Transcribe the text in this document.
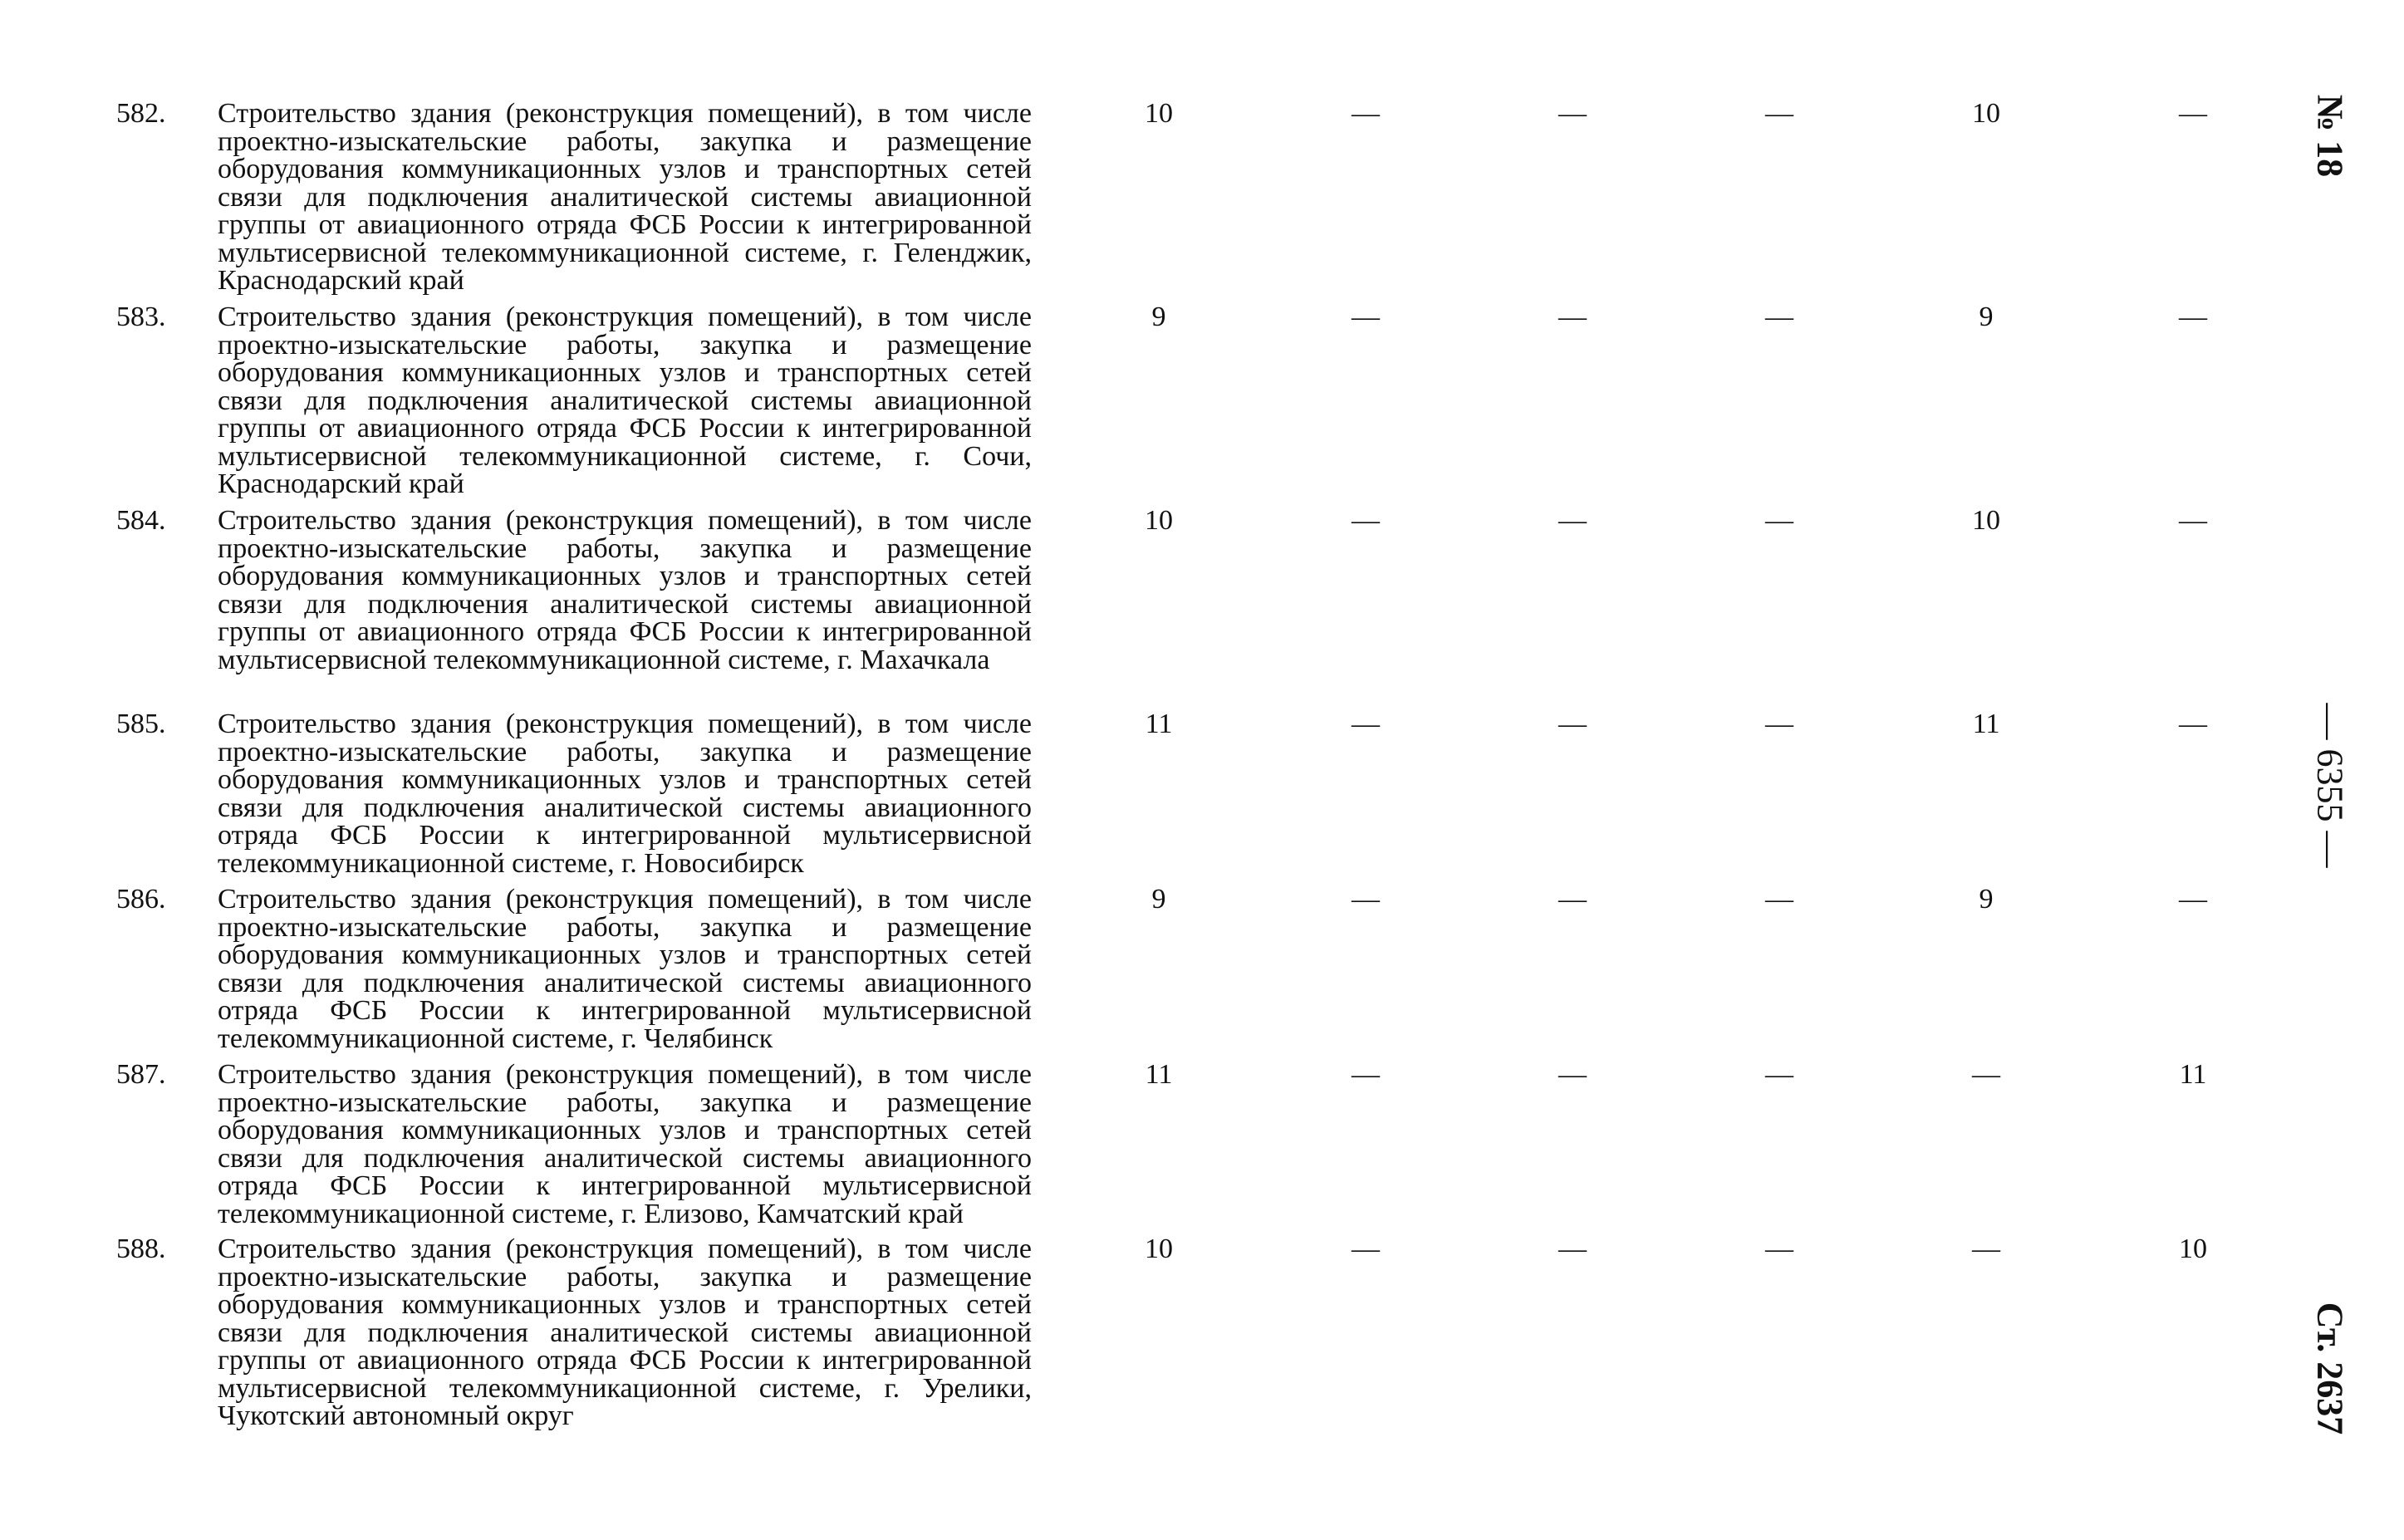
582. Строительство здания (реконструкция помещений), в том числе проектно-изыскательские работы, закупка и размещение оборудования коммуникационных узлов и транспортных сетей связи для подключения аналитической системы авиационной группы от авиационного отряда ФСБ России к интегрированной мультисервисной телекоммуникационной системе, г. Геленджик, Краснодарский край
10	—	—	—	10	—
583. Строительство здания (реконструкция помещений), в том числе проектно-изыскательские работы, закупка и размещение оборудования коммуникационных узлов и транспортных сетей связи для подключения аналитической системы авиационной группы от авиационного отряда ФСБ России к интегрированной мультисервисной телекоммуникационной системе, г. Сочи, Краснодарский край
9	—	—	—	9	—
584. Строительство здания (реконструкция помещений), в том числе проектно-изыскательские работы, закупка и размещение оборудования коммуникационных узлов и транспортных сетей связи для подключения аналитической системы авиационной группы от авиационного отряда ФСБ России к интегрированной мультисервисной телекоммуникационной системе, г. Махачкала
10	—	—	—	10	—
585. Строительство здания (реконструкция помещений), в том числе проектно-изыскательские работы, закупка и размещение оборудования коммуникационных узлов и транспортных сетей связи для подключения аналитической системы авиационного отряда ФСБ России к интегрированной мультисервисной телекоммуникационной системе, г. Новосибирск
11	—	—	—	11	—
586. Строительство здания (реконструкция помещений), в том числе проектно-изыскательские работы, закупка и размещение оборудования коммуникационных узлов и транспортных сетей связи для подключения аналитической системы авиационного отряда ФСБ России к интегрированной мультисервисной телекоммуникационной системе, г. Челябинск
9	—	—	—	9	—
587. Строительство здания (реконструкция помещений), в том числе проектно-изыскательские работы, закупка и размещение оборудования коммуникационных узлов и транспортных сетей связи для подключения аналитической системы авиационного отряда ФСБ России к интегрированной мультисервисной телекоммуникационной системе, г. Елизово, Камчатский край
11	—	—	—	—	11
588. Строительство здания (реконструкция помещений), в том числе проектно-изыскательские работы, закупка и размещение оборудования коммуникационных узлов и транспортных сетей связи для подключения аналитической системы авиационной группы от авиационного отряда ФСБ России к интегрированной мультисервисной телекоммуникационной системе, г. Урелики, Чукотский автономный округ
10	—	—	—	—	10
№ 18
— 6355 —
Ст. 2637
